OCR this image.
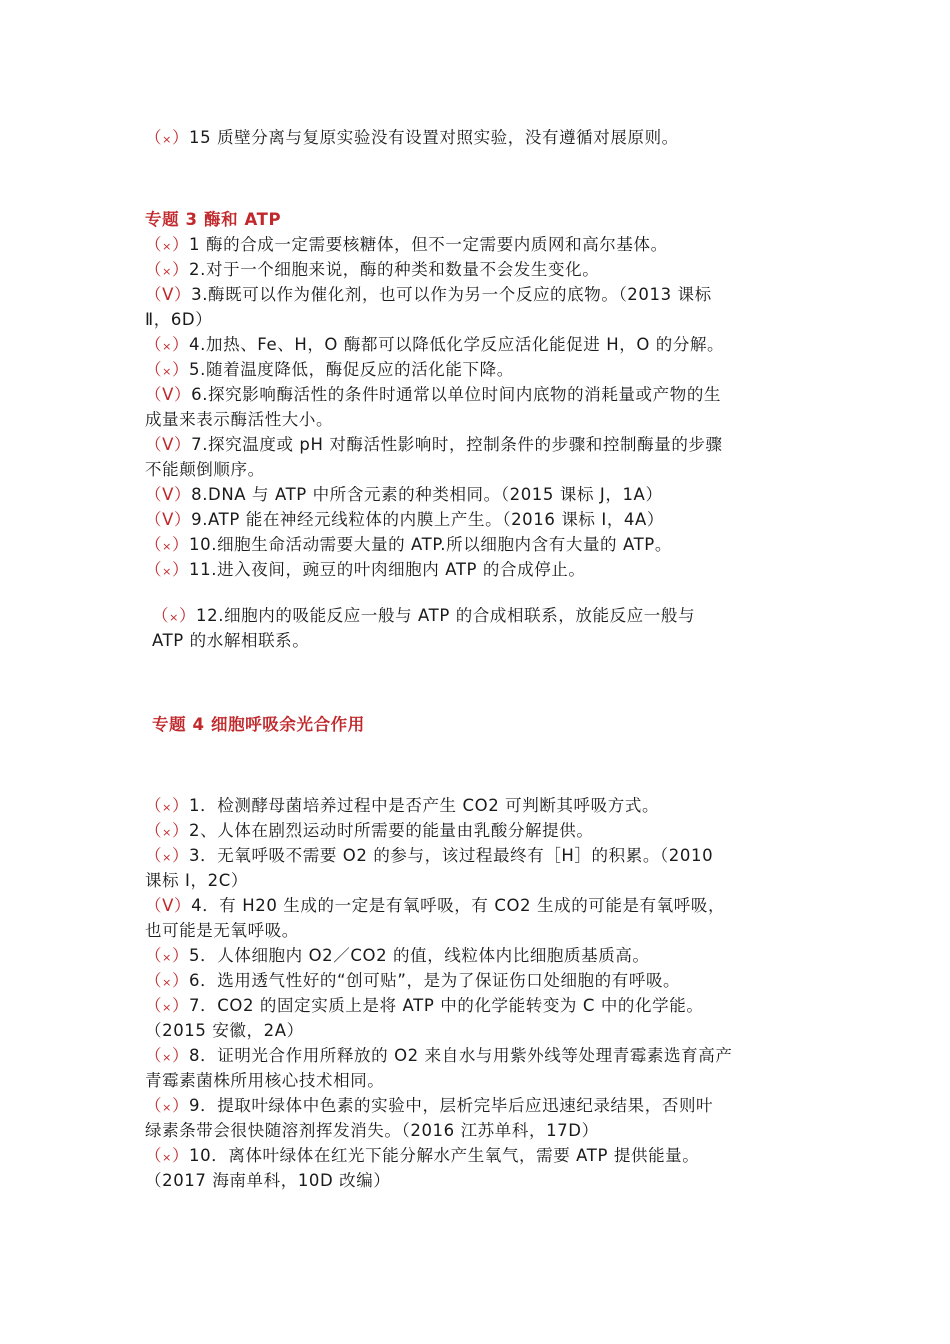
（×）15 质壁分离与复原实验没有设置对照实验，没有遵循对展原则。

专题 3 酶和 ATP

（×）1 酶的合成一定需要核糖体，但不一定需要内质网和高尔基体。

（×）2.对于一个细胞来说，酶的种类和数量不会发生变化。

（V）3.酶既可以作为催化剂，也可以作为另一个反应的底物。（2013 课标

Ⅱ，6D）

（×）4.加热、Fe、H，O 酶都可以降低化学反应活化能促进 H，O 的分解。

（×）5.随着温度降低，酶促反应的活化能下降。

（V）6.探究影响酶活性的条件时通常以单位时间内底物的消耗量或产物的生

成量来表示酶活性大小。

（V）7.探究温度或 pH 对酶活性影响时，控制条件的步骤和控制酶量的步骤

不能颠倒顺序。

（V）8.DNA 与 ATP 中所含元素的种类相同。（2015 课标 J，1A）

（V）9.ATP 能在神经元线粒体的内膜上产生。（2016 课标 I，4A）

（×）10.细胞生命活动需要大量的 ATP.所以细胞内含有大量的 ATP。

（×）11.进入夜间，豌豆的叶肉细胞内 ATP 的合成停止。

（×）12.细胞内的吸能反应一般与 ATP 的合成相联系，放能反应一般与

ATP 的水解相联系。

专题 4 细胞呼吸余光合作用

（×）1．检测酵母菌培养过程中是否产生 CO2 可判断其呼吸方式。

（×）2、人体在剧烈运动时所需要的能量由乳酸分解提供。

（×）3．无氧呼吸不需要 O2 的参与，该过程最终有［H］的积累。（2010

课标 I，2C）

（V）4．有 H20 生成的一定是有氧呼吸，有 CO2 生成的可能是有氧呼吸，

也可能是无氧呼吸。

（×）5．人体细胞内 O2／CO2 的值，线粒体内比细胞质基质高。

（×）6．选用透气性好的“创可贴”，是为了保证伤口处细胞的有呼吸。

（×）7．CO2 的固定实质上是将 ATP 中的化学能转变为 C 中的化学能。

（2015 安徽，2A）

（×）8．证明光合作用所释放的 O2 来自水与用紫外线等处理青霉素选育高产

青霉素菌株所用核心技术相同。

（×）9．提取叶绿体中色素的实验中，层析完毕后应迅速纪录结果，否则叶

绿素条带会很快随溶剂挥发消失。（2016 江苏单科，17D）

（×）10．离体叶绿体在红光下能分解水产生氧气，需要 ATP 提供能量。

（2017 海南单科，10D 改编）
